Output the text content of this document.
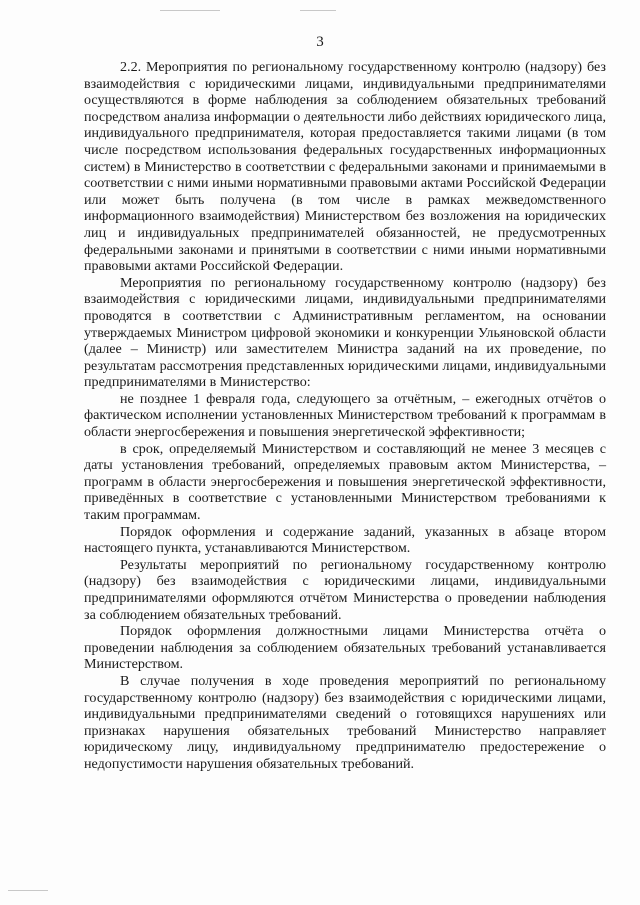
3

2.2. Мероприятия по региональному государственному контролю (надзору) без взаимодействия с юридическими лицами, индивидуальными предпринимателями осуществляются в форме наблюдения за соблюдением обязательных требований посредством анализа информации о деятельности либо действиях юридического лица, индивидуального предпринимателя, которая предоставляется такими лицами (в том числе посредством использования федеральных государственных информационных систем) в Министерство в соответствии с федеральными законами и принимаемыми в соответствии с ними иными нормативными правовыми актами Российской Федерации или может быть получена (в том числе в рамках межведомственного информационного взаимодействия) Министерством без возложения на юридических лиц и индивидуальных предпринимателей обязанностей, не предусмотренных федеральными законами и принятыми в соответствии с ними иными нормативными правовыми актами Российской Федерации.

Мероприятия по региональному государственному контролю (надзору) без взаимодействия с юридическими лицами, индивидуальными предпринимателями проводятся в соответствии с Административным регламентом, на основании утверждаемых Министром цифровой экономики и конкуренции Ульяновской области (далее – Министр) или заместителем Министра заданий на их проведение, по результатам рассмотрения представленных юридическими лицами, индивидуальными предпринимателями в Министерство:

не позднее 1 февраля года, следующего за отчётным, – ежегодных отчётов о фактическом исполнении установленных Министерством требований к программам в области энергосбережения и повышения энергетической эффективности;

в срок, определяемый Министерством и составляющий не менее 3 месяцев с даты установления требований, определяемых правовым актом Министерства, – программ в области энергосбережения и повышения энергетической эффективности, приведённых в соответствие с установленными Министерством требованиями к таким программам.

Порядок оформления и содержание заданий, указанных в абзаце втором настоящего пункта, устанавливаются Министерством.

Результаты мероприятий по региональному государственному контролю (надзору) без взаимодействия с юридическими лицами, индивидуальными предпринимателями оформляются отчётом Министерства о проведении наблюдения за соблюдением обязательных требований.

Порядок оформления должностными лицами Министерства отчёта о проведении наблюдения за соблюдением обязательных требований устанавливается Министерством.

В случае получения в ходе проведения мероприятий по региональному государственному контролю (надзору) без взаимодействия с юридическими лицами, индивидуальными предпринимателями сведений о готовящихся нарушениях или признаках нарушения обязательных требований Министерство направляет юридическому лицу, индивидуальному предпринимателю предостережение о недопустимости нарушения обязательных требований.
